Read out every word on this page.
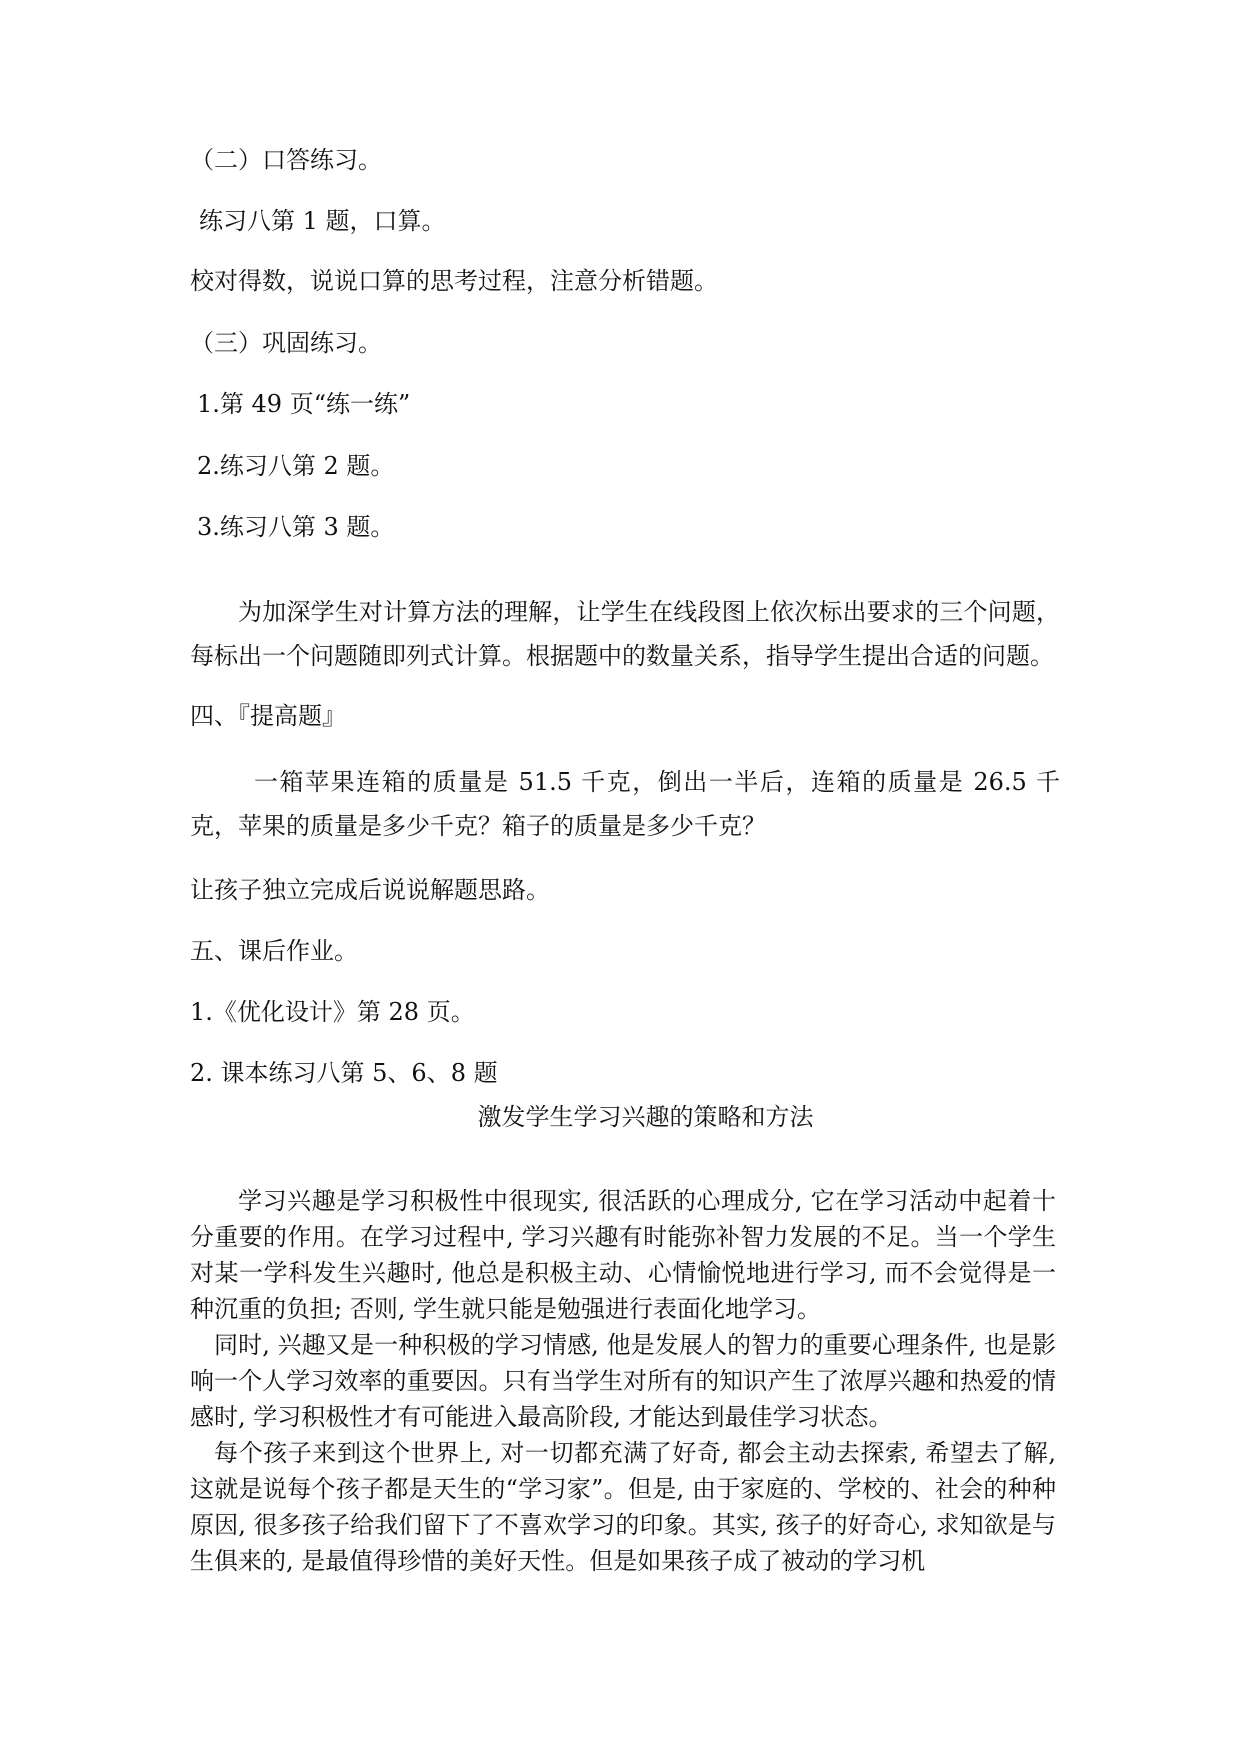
（二）口答练习。
练习八第 1 题，口算。
校对得数，说说口算的思考过程，注意分析错题。
（三）巩固练习。
1.第 49 页“练一练”
2.练习八第 2 题。
3.练习八第 3 题。
为加深学生对计算方法的理解，让学生在线段图上依次标出要求的三个问题，每标出一个问题随即列式计算。根据题中的数量关系，指导学生提出合适的问题。
四、『提高题』
一箱苹果连箱的质量是 51.5 千克，倒出一半后，连箱的质量是 26.5 千克，苹果的质量是多少千克？箱子的质量是多少千克？
让孩子独立完成后说说解题思路。
五、课后作业。
1.《优化设计》第 28 页。
2. 课本练习八第 5、6、8 题
激发学生学习兴趣的策略和方法

学习兴趣是学习积极性中很现实, 很活跃的心理成分, 它在学习活动中起着十分重要的作用。在学习过程中, 学习兴趣有时能弥补智力发展的不足。当一个学生对某一学科发生兴趣时, 他总是积极主动、心情愉悦地进行学习, 而不会觉得是一种沉重的负担; 否则, 学生就只能是勉强进行表面化地学习。

同时, 兴趣又是一种积极的学习情感, 他是发展人的智力的重要心理条件, 也是影响一个人学习效率的重要因。只有当学生对所有的知识产生了浓厚兴趣和热爱的情感时, 学习积极性才有可能进入最高阶段, 才能达到最佳学习状态。

每个孩子来到这个世界上, 对一切都充满了好奇, 都会主动去探索, 希望去了解, 这就是说每个孩子都是天生的“学习家”。但是, 由于家庭的、学校的、社会的种种原因, 很多孩子给我们留下了不喜欢学习的印象。其实, 孩子的好奇心, 求知欲是与生俱来的, 是最值得珍惜的美好天性。但是如果孩子成了被动的学习机
